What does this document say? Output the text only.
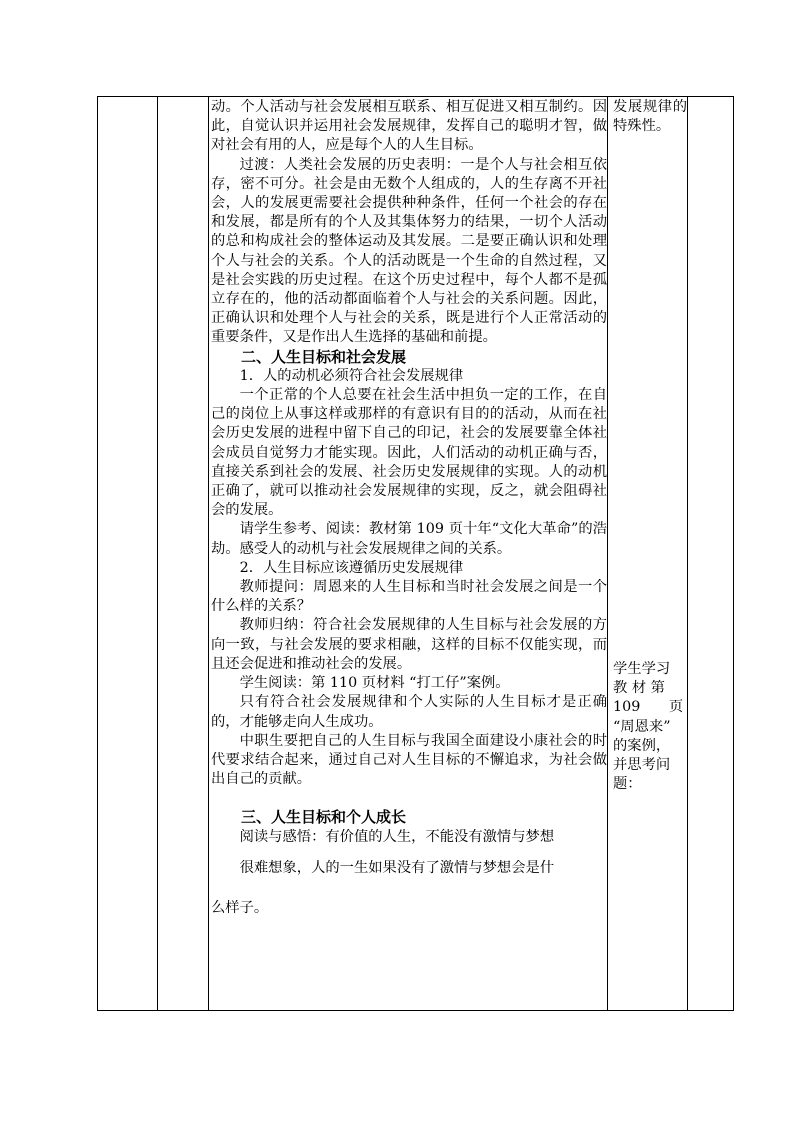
动。个人活动与社会发展相互联系、相互促进又相互制约。因此，自觉认识并运用社会发展规律，发挥自己的聪明才智，做对社会有用的人，应是每个人的人生目标。

过渡：人类社会发展的历史表明：一是个人与社会相互依存，密不可分。社会是由无数个人组成的，人的生存离不开社会，人的发展更需要社会提供种种条件，任何一个社会的存在和发展，都是所有的个人及其集体努力的结果，一切个人活动的总和构成社会的整体运动及其发展。二是要正确认识和处理个人与社会的关系。个人的活动既是一个生命的自然过程，又是社会实践的历史过程。在这个历史过程中，每个人都不是孤立存在的，他的活动都面临着个人与社会的关系问题。因此，正确认识和处理个人与社会的关系，既是进行个人正常活动的重要条件，又是作出人生选择的基础和前提。

二、人生目标和社会发展

1．人的动机必须符合社会发展规律

一个正常的个人总要在社会生活中担负一定的工作，在自己的岗位上从事这样或那样的有意识有目的的活动，从而在社会历史发展的进程中留下自己的印记，社会的发展要靠全体社会成员自觉努力才能实现。因此，人们活动的动机正确与否，直接关系到社会的发展、社会历史发展规律的实现。人的动机正确了，就可以推动社会发展规律的实现，反之，就会阻碍社会的发展。

请学生参考、阅读：教材第 109 页十年“文化大革命”的浩劫。感受人的动机与社会发展规律之间的关系。

2．人生目标应该遵循历史发展规律

教师提问：周恩来的人生目标和当时社会发展之间是一个什么样的关系？

教师归纳：符合社会发展规律的人生目标与社会发展的方向一致，与社会发展的要求相融，这样的目标不仅能实现，而且还会促进和推动社会的发展。

学生阅读：第 110 页材料 “打工仔”案例。

只有符合社会发展规律和个人实际的人生目标才是正确的，才能够走向人生成功。

中职生要把自己的人生目标与我国全面建设小康社会的时代要求结合起来，通过自己对人生目标的不懈追求，为社会做出自己的贡献。

三、人生目标和个人成长

阅读与感悟：有价值的人生，不能没有激情与梦想

很难想象，人的一生如果没有了激情与梦想会是什

么样子。

发展规律的特殊性。

学生学习

教 材 第

109　　页

“周恩来”

的案例，

并思考问

题：
